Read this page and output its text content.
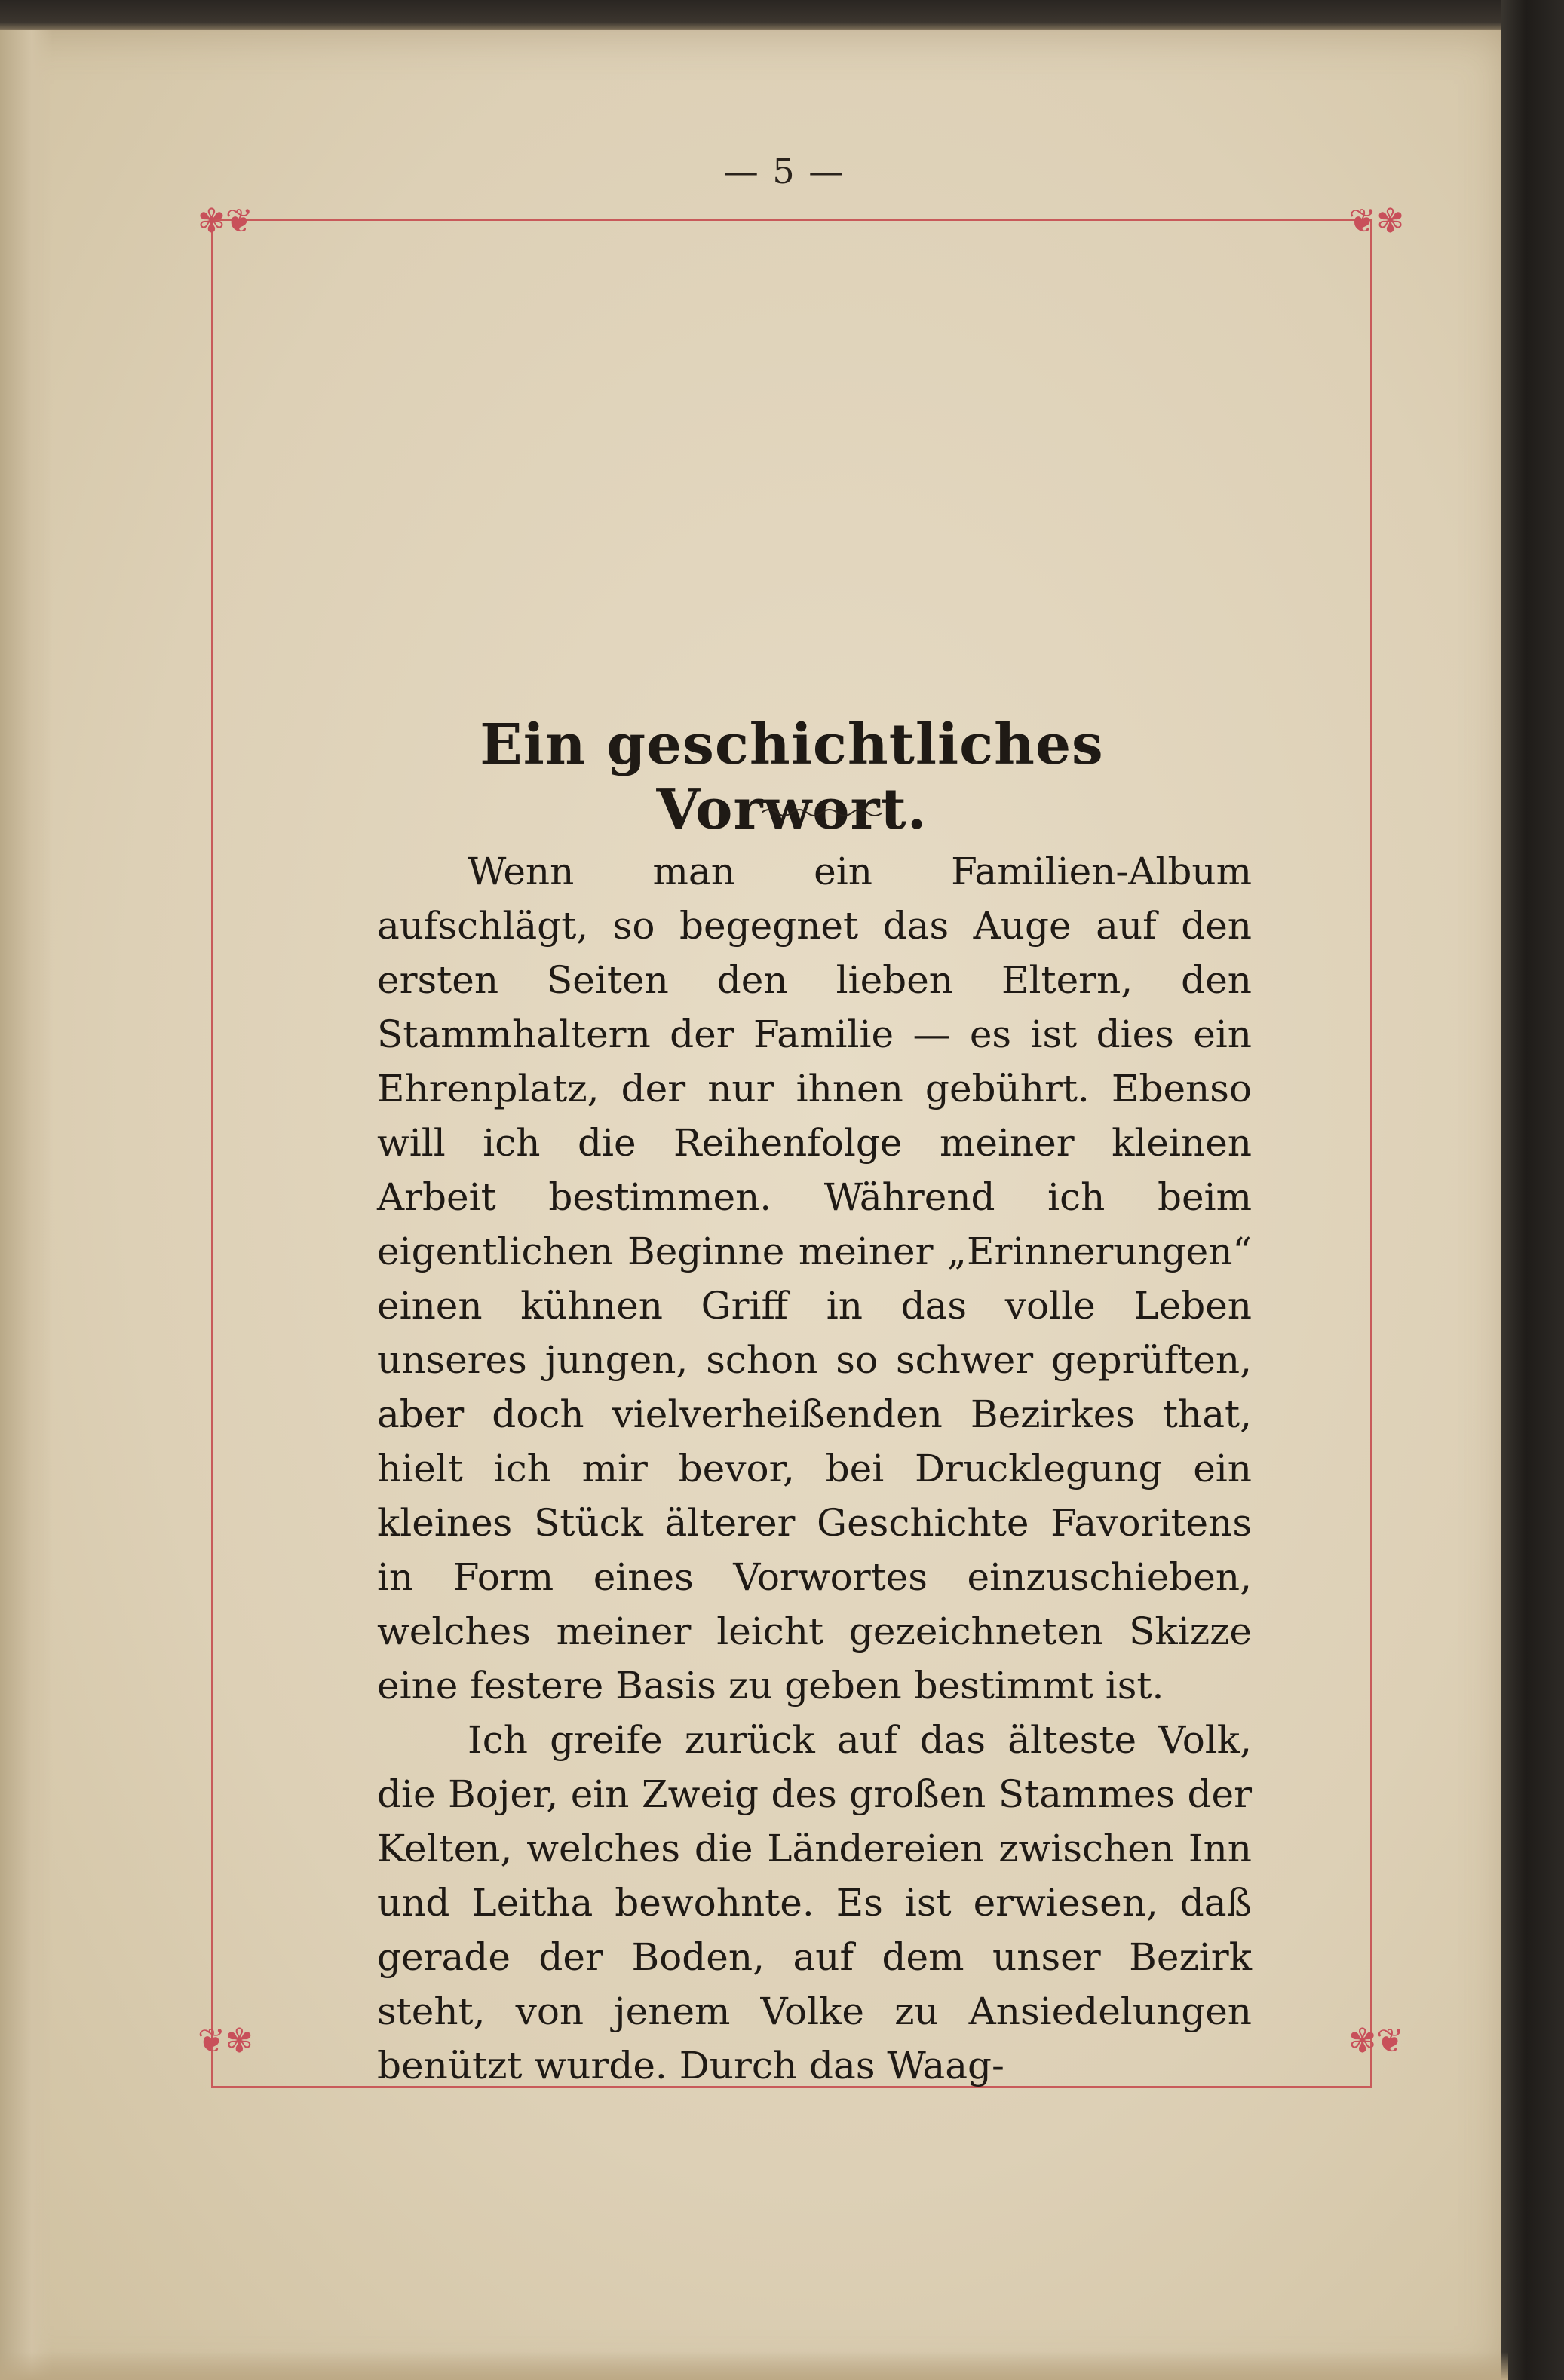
— 5 —
✾❦	❦✾
❦✾	✾❦
Ein geschichtliches Vorwort.

Wenn man ein Familien-Album aufschlägt, so begegnet das Auge auf den ersten Seiten den lieben Eltern, den Stammhaltern der Familie — es ist dies ein Ehrenplatz, der nur ihnen gebührt. Ebenso will ich die Reihenfolge meiner kleinen Arbeit bestimmen. Während ich beim eigentlichen Beginne meiner „Erinnerungen“ einen kühnen Griff in das volle Leben unseres jungen, schon so schwer geprüften, aber doch vielverheißenden Bezirkes that, hielt ich mir bevor, bei Drucklegung ein kleines Stück älterer Geschichte Favoritens in Form eines Vorwortes einzuschieben, welches meiner leicht gezeichneten Skizze eine festere Basis zu geben bestimmt ist.

Ich greife zurück auf das älteste Volk, die Bojer, ein Zweig des großen Stammes der Kelten, welches die Ländereien zwischen Inn und Leitha bewohnte. Es ist erwiesen, daß gerade der Boden, auf dem unser Bezirk steht, von jenem Volke zu Ansiedelungen benützt wurde. Durch das Waag-
